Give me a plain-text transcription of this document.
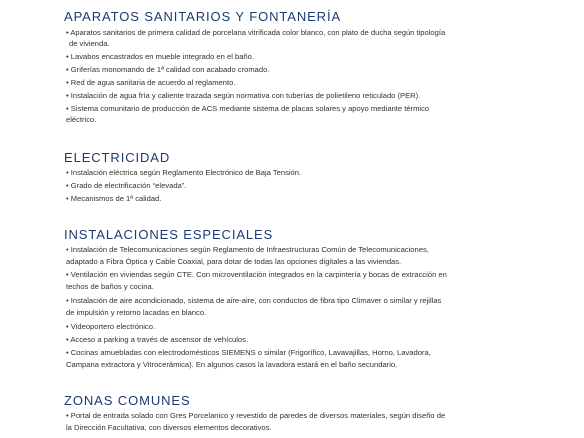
APARATOS SANITARIOS Y FONTANERÍA
• Aparatos sanitarios de primera calidad de porcelana vitrificada color blanco, con plato de ducha según tipología
de vivienda.
• Lavabos encastrados en mueble integrado en el baño.
• Griferías monomando de 1ª calidad con acabado cromado.
• Red de agua sanitaria de acuerdo al reglamento.
• Instalación de agua fría y caliente trazada según normativa con tuberías de polietileno reticulado (PER).
• Sistema comunitario de producción de ACS mediante sistema de placas solares y apoyo mediante térmico
eléctrico.
ELECTRICIDAD
• Instalación eléctrica según Reglamento Electrónico de Baja Tensión.
• Grado de electrificación “elevada”.
• Mecanismos de 1ª calidad.
INSTALACIONES ESPECIALES
• Instalación de Telecomunicaciones según Reglamento de Infraestructuras Común de Telecomunicaciones,
adaptado a Fibra Óptica y Cable Coaxial, para dotar de todas las opciones digitales a las viviendas.
• Ventilación en viviendas según CTE. Con microventilación integrados en la carpintería y bocas de extracción en
techos de baños y cocina.
• Instalación de aire acondicionado, sistema de aire-aire, con conductos de fibra tipo Climaver o similar y rejillas
de impulsión y retorno lacadas en blanco.
• Videoportero electrónico.
• Acceso a parking a través de ascensor de vehículos.
• Cocinas amuebladas con electrodomésticos SIEMENS o similar (Frigorífico, Lavavajillas, Horno, Lavadora,
Campana extractora y Vitrocerámica). En algunos casos la lavadora estará en el baño secundario.
ZONAS COMUNES
• Portal de entrada solado con Gres Porcelanico y revestido de paredes de diversos materiales, según diseño de
la Dirección Facultativa, con diversos elementos decorativos.
